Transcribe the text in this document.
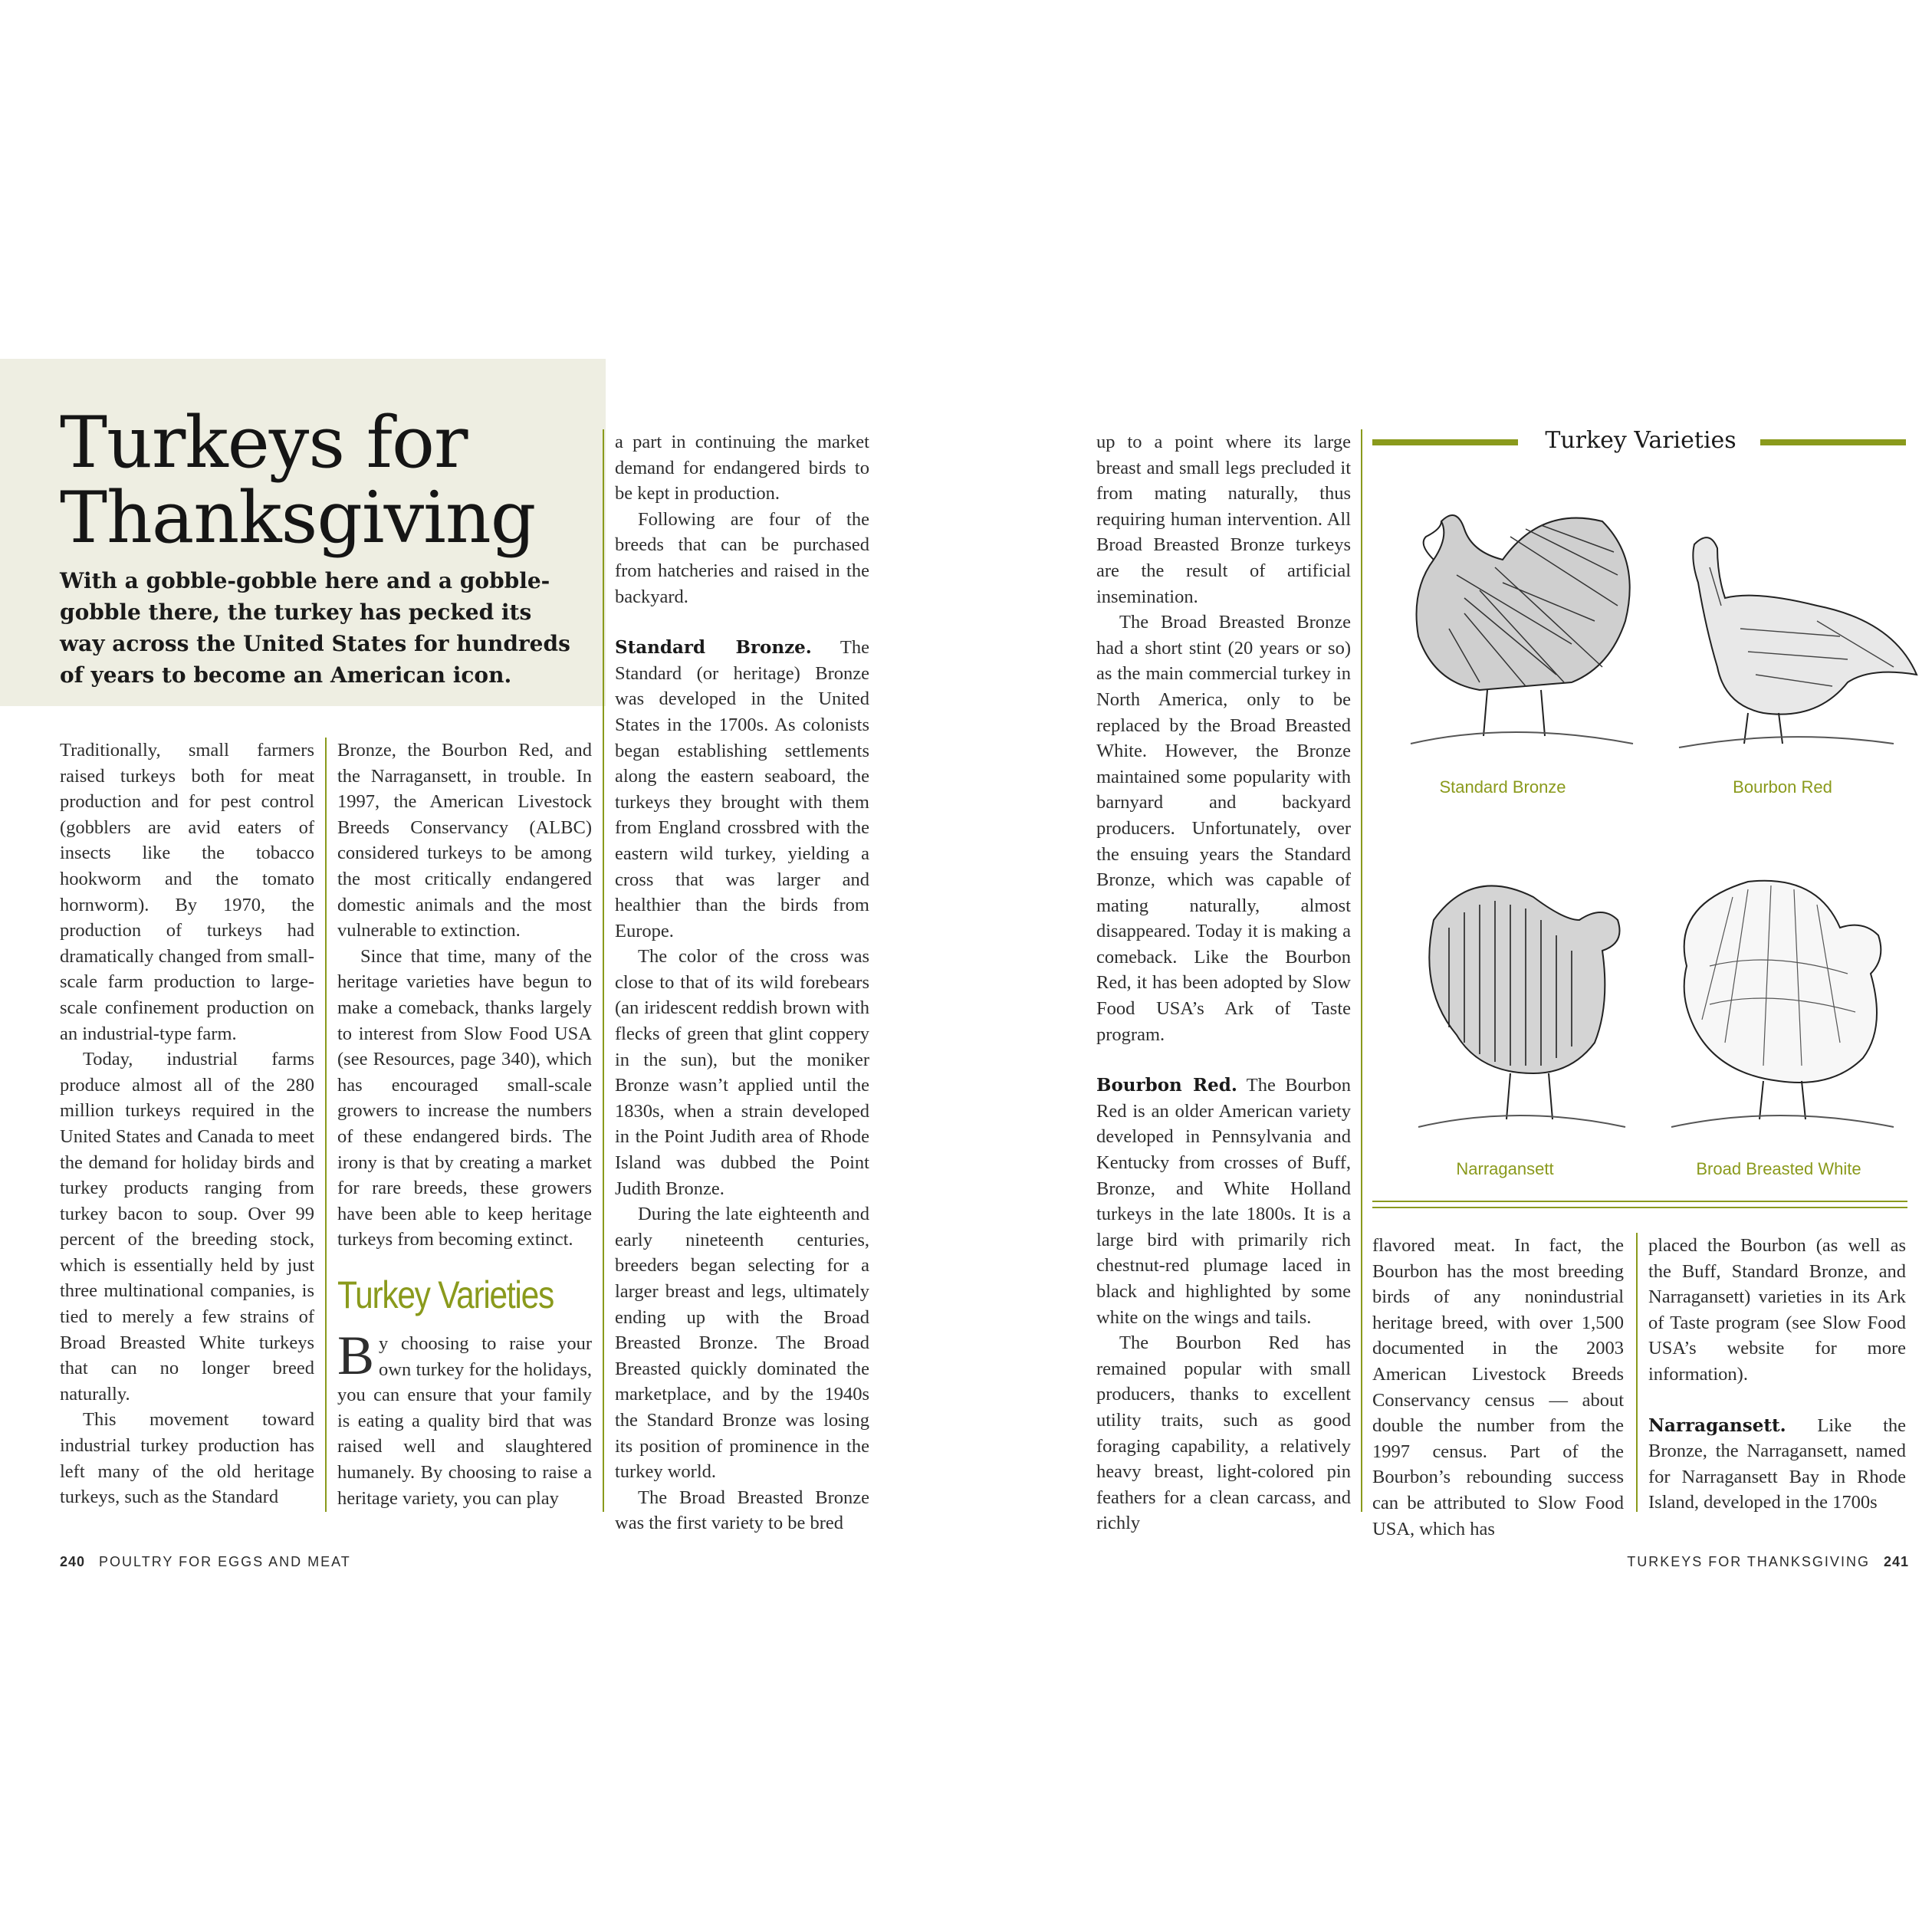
Turkeys for
Thanksgiving
With a gobble-gobble here and a gobble-gobble there, the turkey has pecked its way across the United States for hundreds of years to become an American icon.

Traditionally, small farmers raised turkeys both for meat production and for pest control (gobblers are avid eaters of insects like the tobacco hookworm and the tomato hornworm). By 1970, the production of turkeys had dramatically changed from small-scale farm production to large-scale confinement production on an industrial-type farm.

Today, industrial farms produce almost all of the 280 million turkeys required in the United States and Canada to meet the demand for holiday birds and turkey products ranging from turkey bacon to soup. Over 99 percent of the breeding stock, which is essentially held by just three multinational companies, is tied to merely a few strains of Broad Breasted White turkeys that can no longer breed naturally.

This movement toward industrial turkey production has left many of the old heritage turkeys, such as the Standard

Bronze, the Bourbon Red, and the Narragansett, in trouble. In 1997, the American Livestock Breeds Conservancy (ALBC) considered turkeys to be among the most critically endangered domestic animals and the most vulnerable to extinction.

Since that time, many of the heritage varieties have begun to make a comeback, thanks largely to interest from Slow Food USA (see Resources, page 340), which has encouraged small-scale growers to increase the numbers of these endangered birds. The irony is that by creating a market for rare breeds, these growers have been able to keep heritage turkeys from becoming extinct.

Turkey Varieties

By choosing to raise your own turkey for the holidays, you can ensure that your family is eating a quality bird that was raised well and slaughtered humanely. By choosing to raise a heritage variety, you can play

a part in continuing the market demand for endangered birds to be kept in production.

Following are four of the breeds that can be purchased from hatcheries and raised in the backyard.

Standard Bronze. The Standard (or heritage) Bronze was developed in the United States in the 1700s. As colonists began establishing settlements along the eastern seaboard, the turkeys they brought with them from England crossbred with the eastern wild turkey, yielding a cross that was larger and healthier than the birds from Europe.

The color of the cross was close to that of its wild forebears (an iridescent reddish brown with flecks of green that glint coppery in the sun), but the moniker Bronze wasn’t applied until the 1830s, when a strain developed in the Point Judith area of Rhode Island was dubbed the Point Judith Bronze.

During the late eighteenth and early nineteenth centuries, breeders began selecting for a larger breast and legs, ultimately ending up with the Broad Breasted Bronze. The Broad Breasted quickly dominated the marketplace, and by the 1940s the Standard Bronze was losing its position of prominence in the turkey world.

The Broad Breasted Bronze was the first variety to be bred

up to a point where its large breast and small legs precluded it from mating naturally, thus requiring human intervention. All Broad Breasted Bronze turkeys are the result of artificial insemination.

The Broad Breasted Bronze had a short stint (20 years or so) as the main commercial turkey in North America, only to be replaced by the Broad Breasted White. However, the Bronze maintained some popularity with barnyard and backyard producers. Unfortunately, over the ensuing years the Standard Bronze, which was capable of mating naturally, almost disappeared. Today it is making a comeback. Like the Bourbon Red, it has been adopted by Slow Food USA’s Ark of Taste program.

Bourbon Red. The Bourbon Red is an older American variety developed in Pennsylvania and Kentucky from crosses of Buff, Bronze, and White Holland turkeys in the late 1800s. It is a large bird with primarily rich chestnut-red plumage laced in black and highlighted by some white on the wings and tails.

The Bourbon Red has remained popular with small producers, thanks to excellent utility traits, such as good foraging capability, a relatively heavy breast, light-colored pin feathers for a clean carcass, and richly

Turkey Varieties
Standard Bronze	Bourbon Red
Narragansett	Broad Breasted White

flavored meat. In fact, the Bourbon has the most breeding birds of any nonindustrial heritage breed, with over 1,500 documented in the 2003 American Livestock Breeds Conservancy census — about double the number from the 1997 census. Part of the Bourbon’s rebounding success can be attributed to Slow Food USA, which has

placed the Bourbon (as well as the Buff, Standard Bronze, and Narragansett) varieties in its Ark of Taste program (see Slow Food USA’s website for more information).

Narragansett. Like the Bronze, the Narragansett, named for Narragansett Bay in Rhode Island, developed in the 1700s

240 POULTRY FOR EGGS AND MEAT	TURKEYS FOR THANKSGIVING 241
